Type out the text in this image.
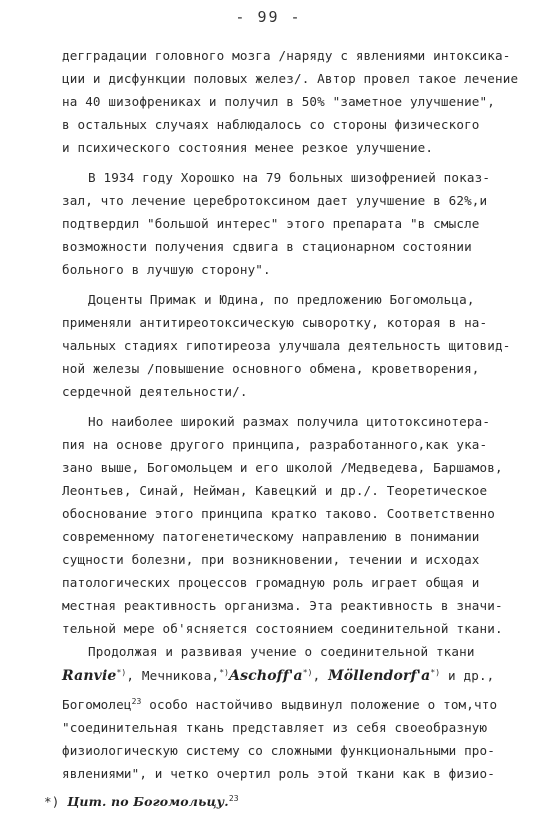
- 99 -
дегградации головного мозга /наряду с явлениями интоксика-
ции и дисфункции половых желез/. Автор провел такое лечение
на 40 шизофрениках и получил в 50% "заметное улучшение",
в остальных случаях наблюдалось со стороны физического
и психического состояния менее резкое улучшение.
В 1934 году Хорошко на 79 больных шизофренией показ-
зал, что лечение церебротоксином дает улучшение в 62%,и
подтвердил "большой интерес" этого препарата "в смысле
возможности получения сдвига в стационарном состоянии
больного в лучшую сторону".
Доценты Примак и Юдина, по предложению Богомольца,
применяли антитиреотоксическую сыворотку, которая в на-
чальных стадиях гипотиреоза улучшала деятельность щитовид-
ной железы /повышение основного обмена, кроветворения,
сердечной деятельности/.
Но наиболее широкий размах получила цитотоксинотера-
пия на основе другого принципа, разработанного,как ука-
зано выше, Богомольцем и его школой /Медведева, Баршамов,
Леонтьев, Синай, Нейман, Кавецкий и др./. Теоретическое
обоснование этого принципа кратко таково. Соответственно
современному патогенетическому направлению в понимании
сущности болезни, при возникновении, течении и исходах
патологических процессов громадную роль играет общая и
местная реактивность организма. Эта реактивность в значи-
тельной мере об'ясняется состоянием соединительной ткани.
Продолжая и развивая учение о соединительной ткани
Ranvie*), Мечникова,*)Aschoff'a*), Möllendorf'a*) и др.,
Богомолец$^{23}$ особо настойчиво выдвинул положение о том,что
"соединительная ткань представляет из себя своеобразную
физиологическую систему со сложными функциональными про-
явлениями", и четко очертил роль этой ткани как в физио-
*) Цит. по Богомольцу.$^{23}$
